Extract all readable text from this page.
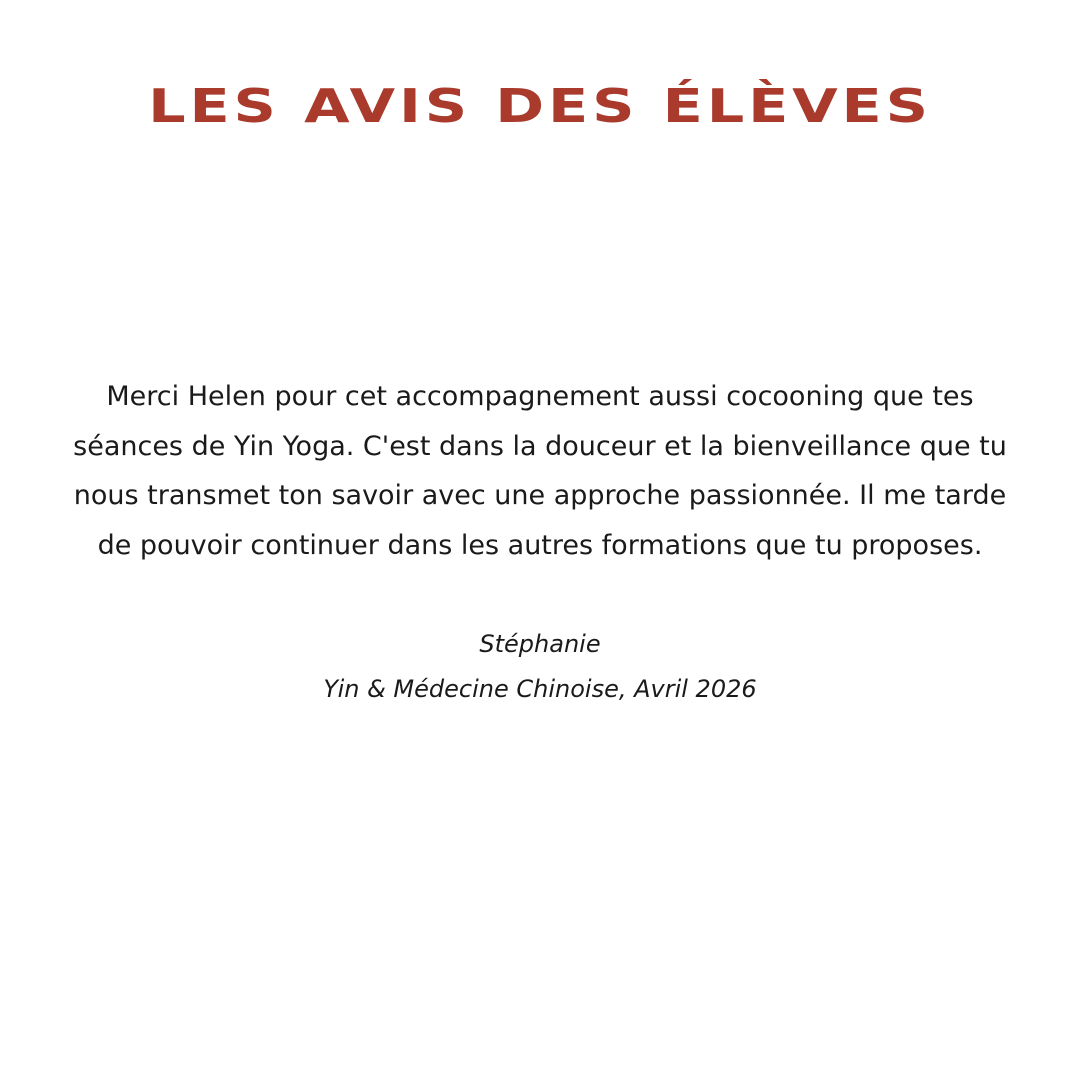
LES AVIS DES ÉLÈVES

Merci Helen pour cet accompagnement aussi cocooning que tes
séances de Yin Yoga. C'est dans la douceur et la bienveillance que tu
nous transmet ton savoir avec une approche passionnée. Il me tarde
de pouvoir continuer dans les autres formations que tu proposes.

Stéphanie
Yin & Médecine Chinoise, Avril 2026
